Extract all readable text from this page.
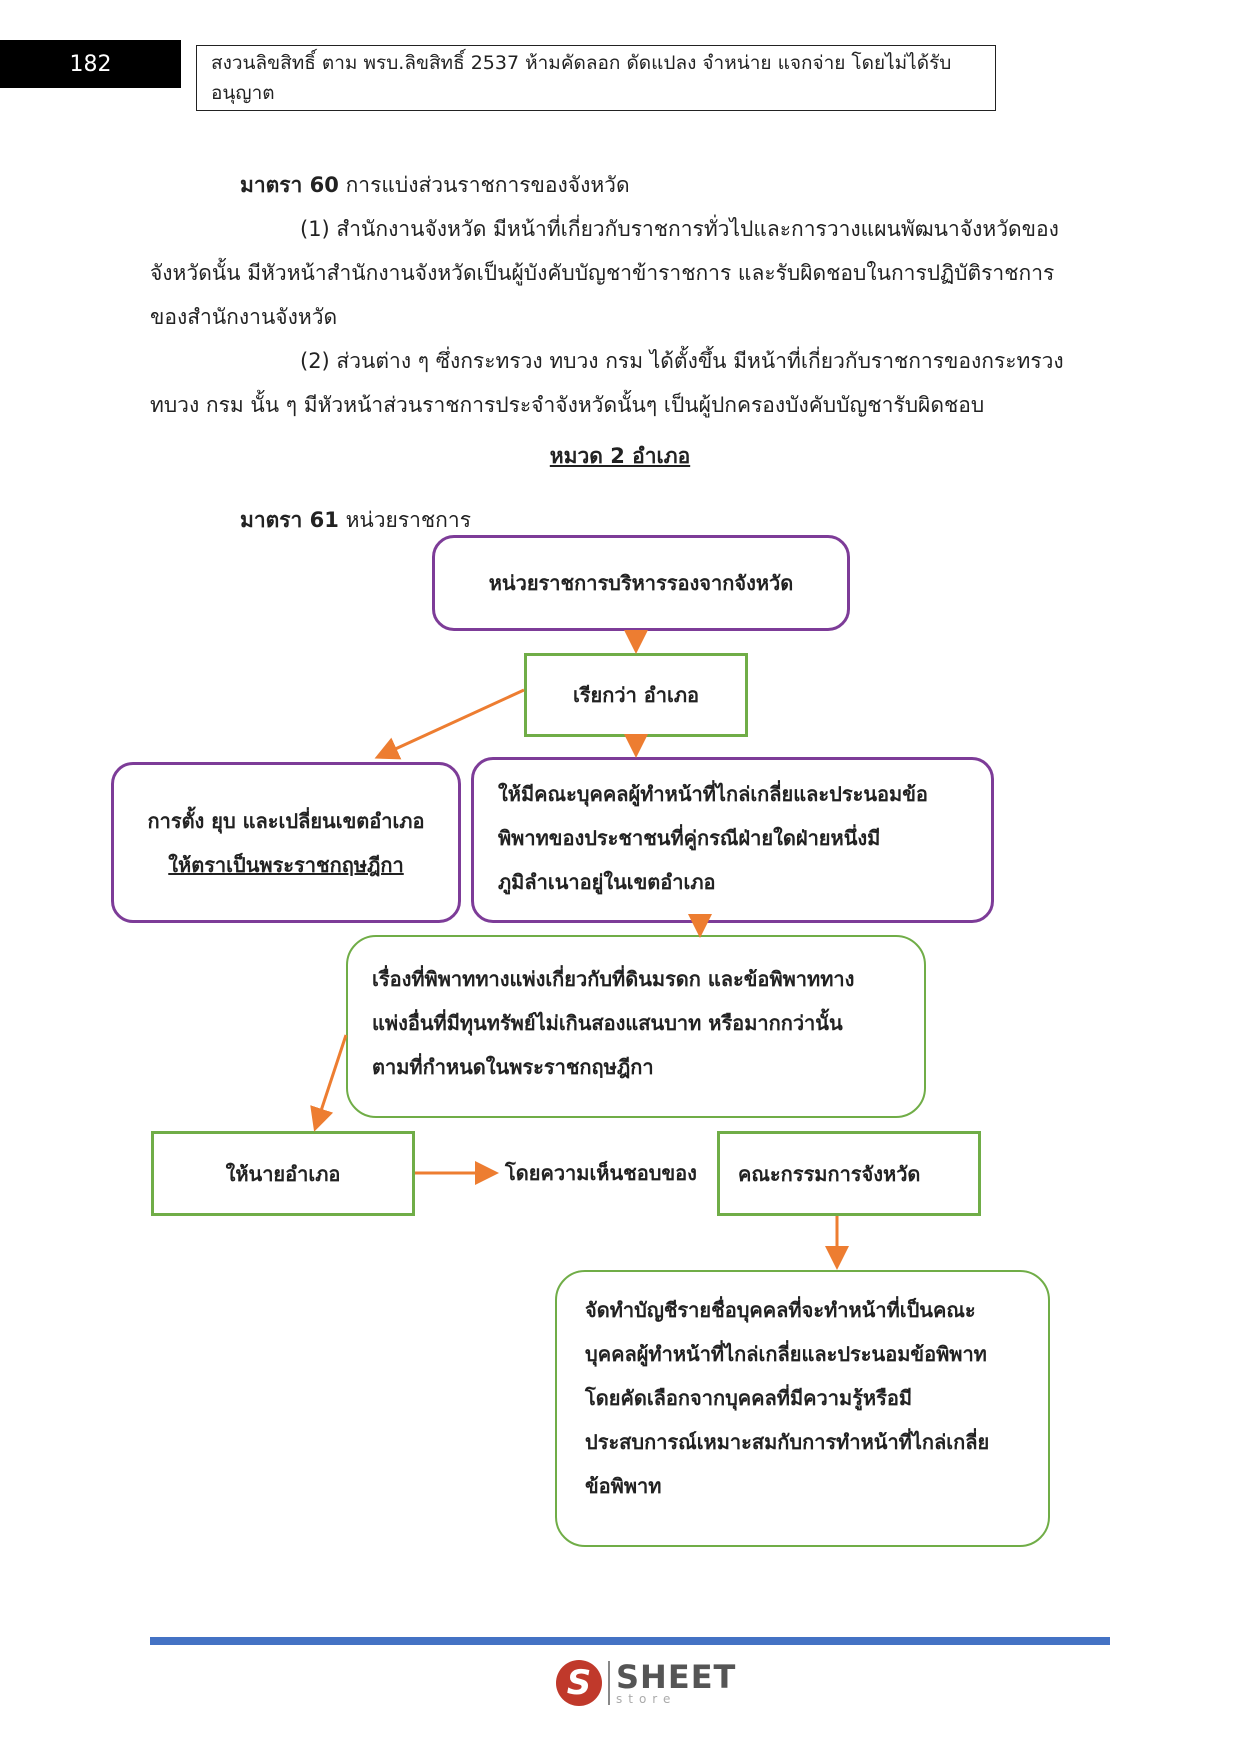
182	สงวนลิขสิทธิ์ ตาม พรบ.ลิขสิทธิ์ 2537 ห้ามคัดลอก ดัดแปลง จำหน่าย แจกจ่าย โดยไม่ได้รับอนุญาต
มาตรา 60 การแบ่งส่วนราชการของจังหวัด
(1) สำนักงานจังหวัด มีหน้าที่เกี่ยวกับราชการทั่วไปและการวางแผนพัฒนาจังหวัดของ
จังหวัดนั้น มีหัวหน้าสำนักงานจังหวัดเป็นผู้บังคับบัญชาข้าราชการ และรับผิดชอบในการปฏิบัติราชการ
ของสำนักงานจังหวัด
(2) ส่วนต่าง ๆ ซึ่งกระทรวง ทบวง กรม ได้ตั้งขึ้น มีหน้าที่เกี่ยวกับราชการของกระทรวง
ทบวง กรม นั้น ๆ มีหัวหน้าส่วนราชการประจำจังหวัดนั้นๆ เป็นผู้ปกครองบังคับบัญชารับผิดชอบ
หมวด 2 อำเภอ
มาตรา 61 หน่วยราชการ
หน่วยราชการบริหารรองจากจังหวัด
เรียกว่า อำเภอ
การตั้ง ยุบ และเปลี่ยนเขตอำเภอ
ให้ตราเป็นพระราชกฤษฎีกา
ให้มีคณะบุคคลผู้ทำหน้าที่ไกล่เกลี่ยและประนอมข้อ
พิพาทของประชาชนที่คู่กรณีฝ่ายใดฝ่ายหนึ่งมี
ภูมิลำเนาอยู่ในเขตอำเภอ
เรื่องที่พิพาททางแพ่งเกี่ยวกับที่ดินมรดก และข้อพิพาททาง
แพ่งอื่นที่มีทุนทรัพย์ไม่เกินสองแสนบาท หรือมากกว่านั้น
ตามที่กำหนดในพระราชกฤษฎีกา
ให้นายอำเภอ	โดยความเห็นชอบของ คณะกรรมการจังหวัด
จัดทำบัญชีรายชื่อบุคคลที่จะทำหน้าที่เป็นคณะ
บุคคลผู้ทำหน้าที่ไกล่เกลี่ยและประนอมข้อพิพาท
โดยคัดเลือกจากบุคคลที่มีความรู้หรือมี
ประสบการณ์เหมาะสมกับการทำหน้าที่ไกล่เกลี่ย
ข้อพิพาท
S SHEET
store
